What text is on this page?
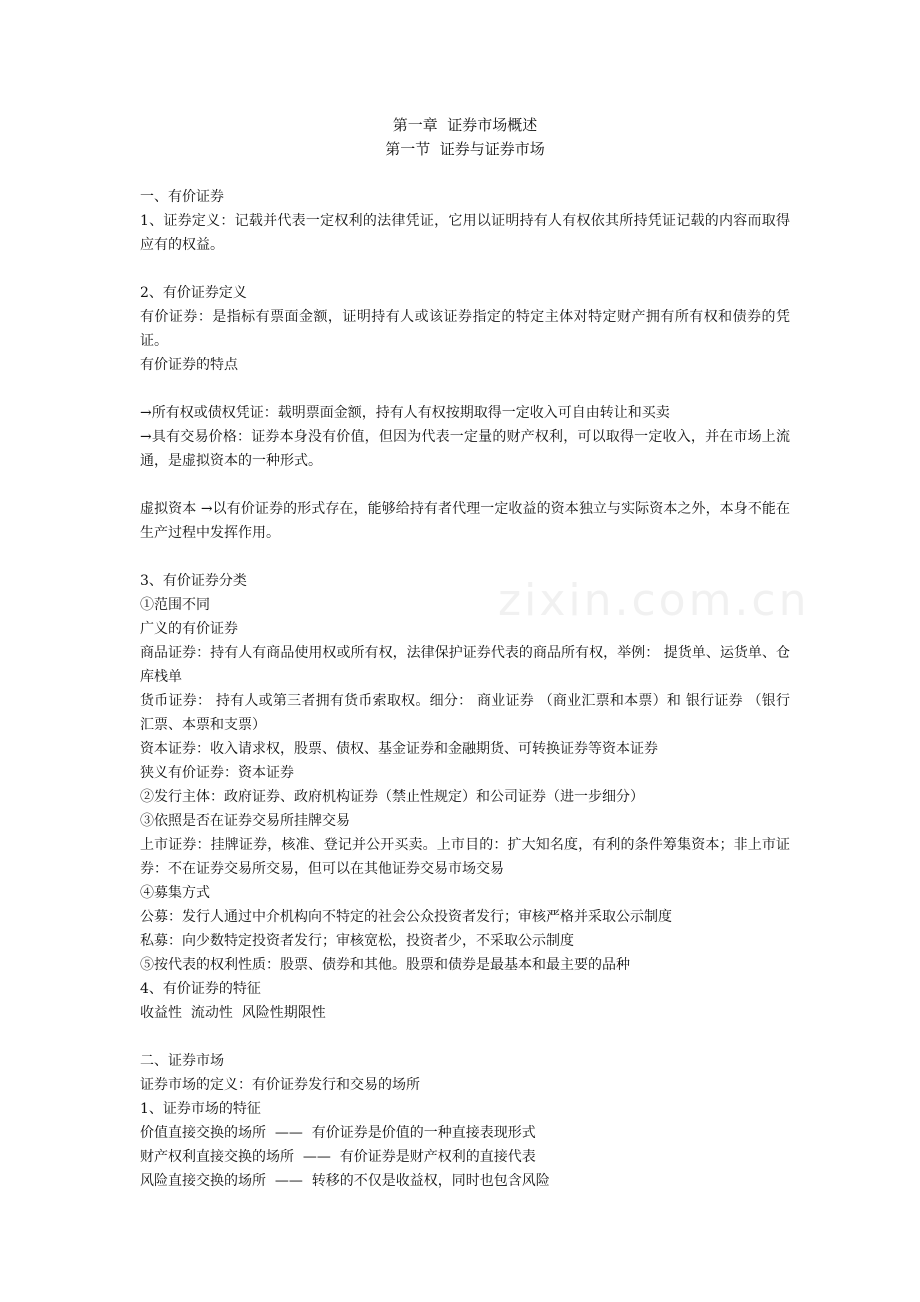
zixin.com.cn
第一章  证券市场概述
第一节  证券与证券市场
一、有价证券
1、证券定义：记载并代表一定权利的法律凭证，它用以证明持有人有权依其所持凭证记载的内容而取得应有的权益。
2、有价证券定义
有价证券：是指标有票面金额，证明持有人或该证券指定的特定主体对特定财产拥有所有权和债券的凭证。
有价证券的特点
→所有权或债权凭证：载明票面金额，持有人有权按期取得一定收入可自由转让和买卖
→具有交易价格：证券本身没有价值，但因为代表一定量的财产权利，可以取得一定收入，并在市场上流通，是虚拟资本的一种形式。
虚拟资本 →以有价证券的形式存在，能够给持有者代理一定收益的资本独立与实际资本之外，本身不能在生产过程中发挥作用。
3、有价证券分类
①范围不同
广义的有价证券
商品证券：持有人有商品使用权或所有权，法律保护证券代表的商品所有权，举例： 提货单、运货单、仓库栈单
货币证券： 持有人或第三者拥有货币索取权。细分： 商业证券 （商业汇票和本票）和 银行证券 （银行汇票、本票和支票）
资本证券：收入请求权，股票、债权、基金证券和金融期货、可转换证券等资本证券
狭义有价证券：资本证券
②发行主体：政府证券、政府机构证券（禁止性规定）和公司证券（进一步细分）
③依照是否在证券交易所挂牌交易
上市证券：挂牌证券，核准、登记并公开买卖。上市目的：扩大知名度，有利的条件筹集资本；非上市证券：不在证券交易所交易，但可以在其他证券交易市场交易
④募集方式
公募：发行人通过中介机构向不特定的社会公众投资者发行；审核严格并采取公示制度
私募：向少数特定投资者发行；审核宽松，投资者少，不采取公示制度
⑤按代表的权利性质：股票、债券和其他。股票和债券是最基本和最主要的品种
4、有价证券的特征
收益性  流动性  风险性期限性
二、证券市场
证券市场的定义：有价证券发行和交易的场所
1、证券市场的特征
价值直接交换的场所  ——  有价证券是价值的一种直接表现形式
财产权利直接交换的场所  ——  有价证券是财产权利的直接代表
风险直接交换的场所  ——  转移的不仅是收益权，同时也包含风险
